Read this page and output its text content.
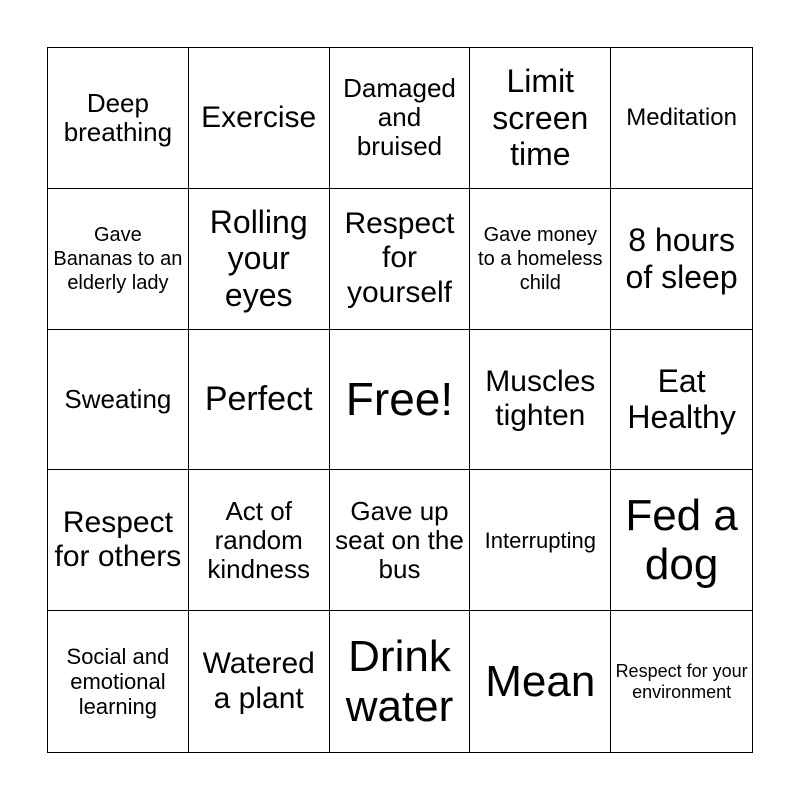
Deep breathing Exercise
Damaged and bruised
Limit screen time
Meditation
Gave Bananas to an elderly lady
Rolling your eyes
Respect for yourself
Gave money to a homeless child
8 hours of sleep
Sweating Perfect Free!	Muscles tighten
Eat Healthy
Respect for others
Act of random kindness
Gave up seat on the bus
Interrupting
Fed a dog
Social and emotional learning
Watered a plant
Drink water
Mean	Respect for your environment
